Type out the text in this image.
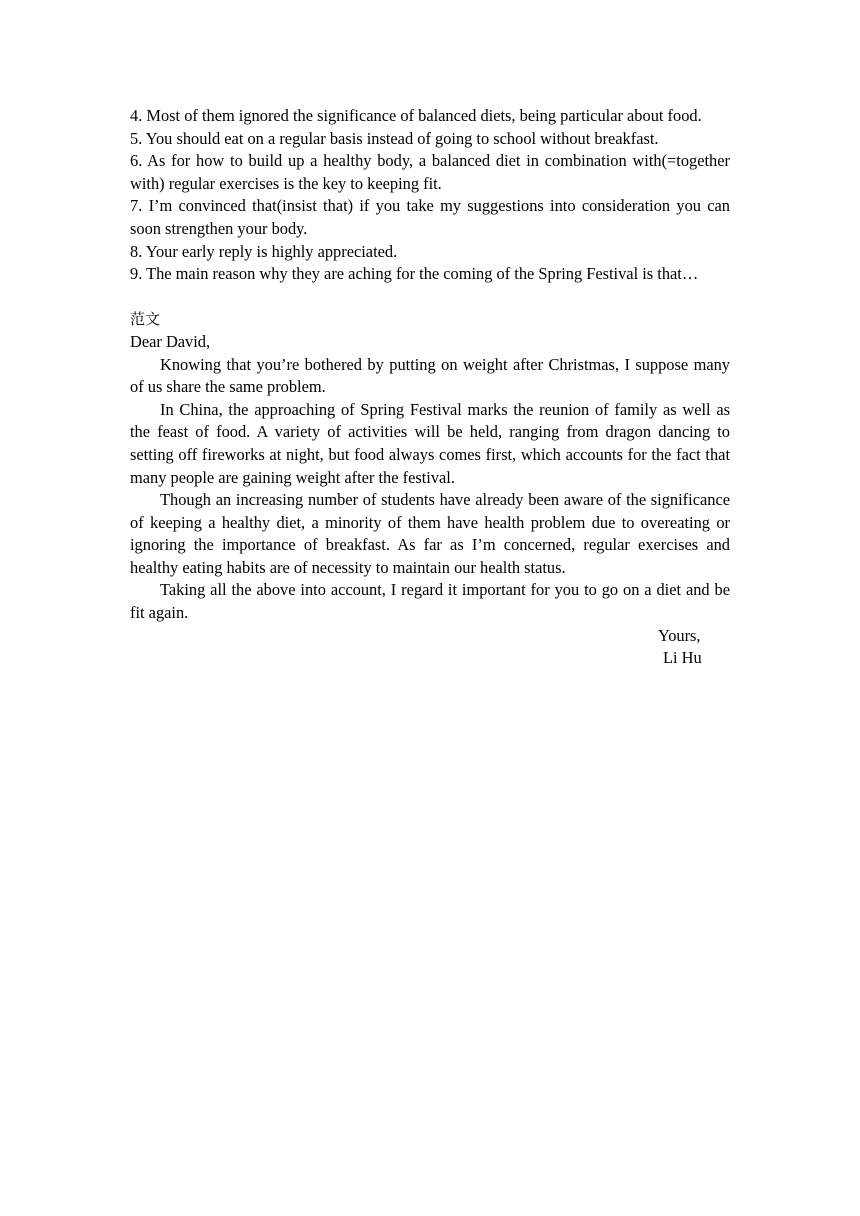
4. Most of them ignored the significance of balanced diets, being particular about food.

5. You should eat on a regular basis instead of going to school without breakfast.

6. As for how to build up a healthy body, a balanced diet in combination with(=together with) regular exercises is the key to keeping fit.

7. I’m convinced that(insist that) if you take my suggestions into consideration you can soon strengthen your body.

8. Your early reply is highly appreciated.

9. The main reason why they are aching for the coming of the Spring Festival is that…

范文

Dear David,

Knowing that you’re bothered by putting on weight after Christmas, I suppose many of us share the same problem.

In China, the approaching of Spring Festival marks the reunion of family as well as the feast of food. A variety of activities will be held, ranging from dragon dancing to setting off fireworks at night, but food always comes first, which accounts for the fact that many people are gaining weight after the festival.

Though an increasing number of students have already been aware of the significance of keeping a healthy diet, a minority of them have health problem due to overeating or ignoring the importance of breakfast. As far as I’m concerned, regular exercises and healthy eating habits are of necessity to maintain our health status.

Taking all the above into account, I regard it important for you to go on a diet and be fit again.

Yours,
Li Hu
